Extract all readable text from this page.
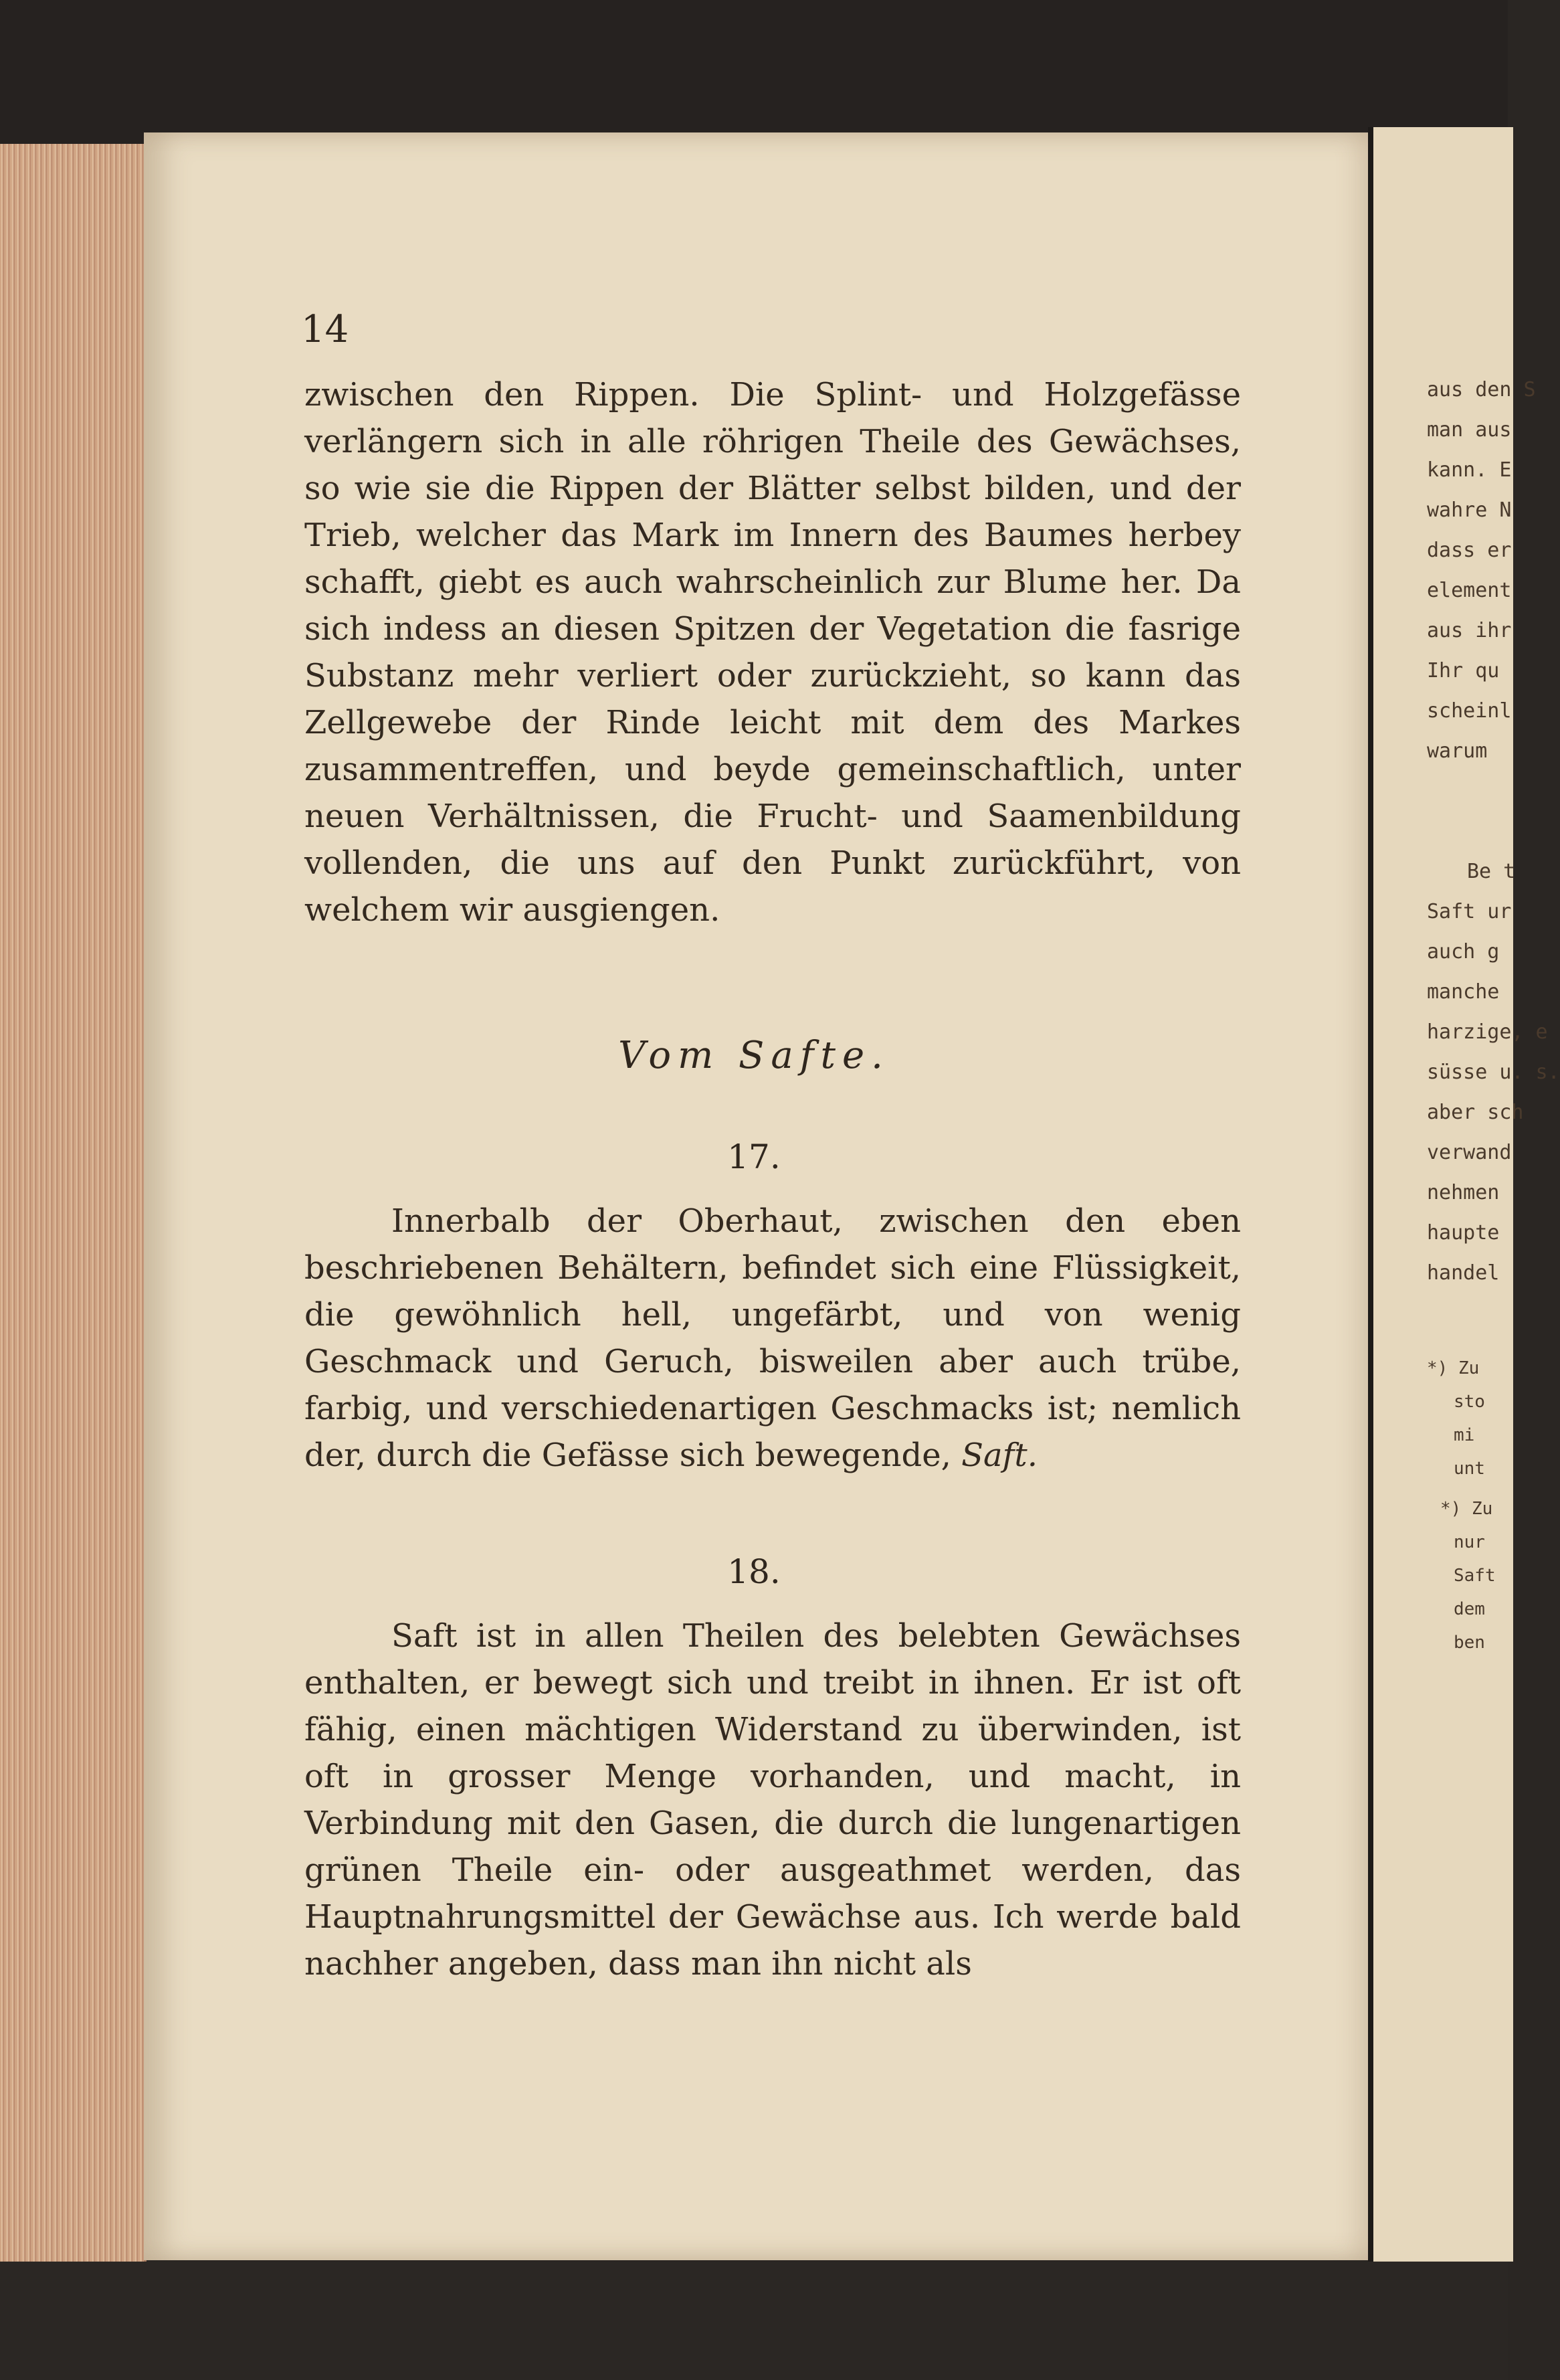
aus den S
man aus
kann. E
wahre N
dass er
element
aus ihr
Ihr qu
scheinl
warum
Be t
Saft ur
auch g
manche
harzige, e
süsse u. s.
aber sch
verwand
nehmen
haupte
handel
*) Zu
sto
mi
unt
*) Zu
nur
Saft
dem
ben
14

zwischen den Rippen. Die Splint- und Holzgefässe verlängern sich in alle röhrigen Theile des Gewächses, so wie sie die Rippen der Blätter selbst bilden, und der Trieb, welcher das Mark im Innern des Baumes herbey schafft, giebt es auch wahrscheinlich zur Blume her. Da sich indess an diesen Spitzen der Vegetation die fasrige Substanz mehr verliert oder zurückzieht, so kann das Zellgewebe der Rinde leicht mit dem des Markes zusammentreffen, und beyde gemeinschaftlich, unter neuen Verhältnissen, die Frucht- und Saamenbildung vollenden, die uns auf den Punkt zurückführt, von welchem wir ausgiengen.

Vom Safte.
17.

Innerbalb der Oberhaut, zwischen den eben beschriebenen Behältern, befindet sich eine Flüssigkeit, die gewöhnlich hell, ungefärbt, und von wenig Geschmack und Geruch, bisweilen aber auch trübe, farbig, und verschiedenartigen Geschmacks ist; nemlich der, durch die Gefässe sich bewegende, Saft.

18.

Saft ist in allen Theilen des belebten Gewächses enthalten, er bewegt sich und treibt in ihnen. Er ist oft fähig, einen mächtigen Widerstand zu überwinden, ist oft in grosser Menge vorhanden, und macht, in Verbindung mit den Gasen, die durch die lungenartigen grünen Theile ein- oder ausgeathmet werden, das Hauptnahrungsmittel der Gewächse aus. Ich werde bald nachher angeben, dass man ihn nicht als
